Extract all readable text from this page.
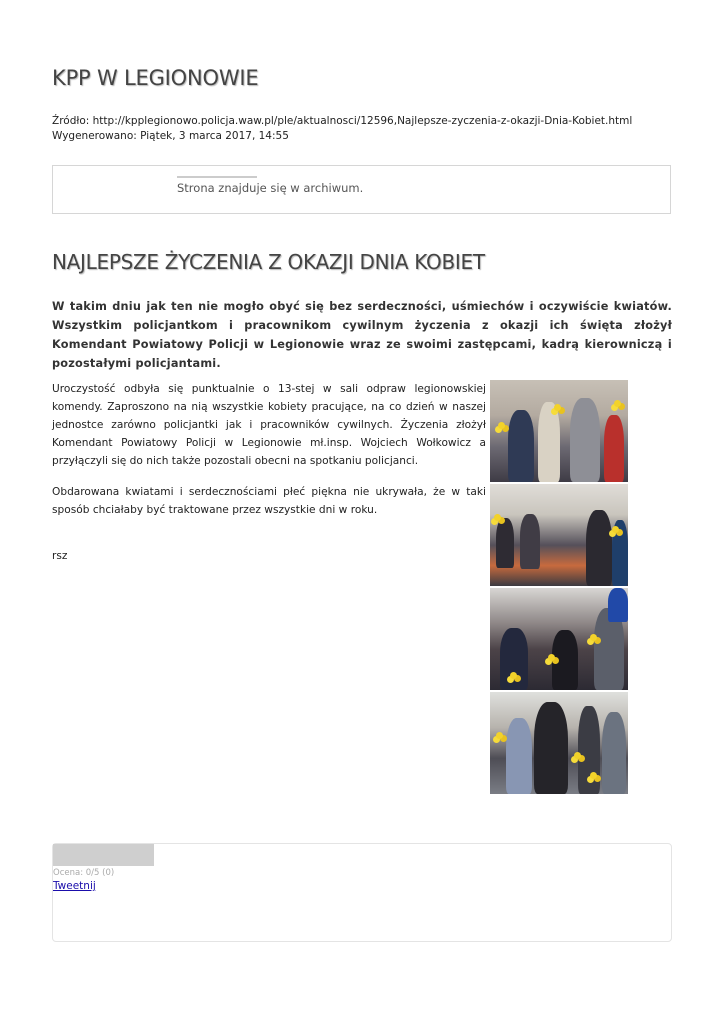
KPP W LEGIONOWIE
Źródło: http://kpplegionowo.policja.waw.pl/ple/aktualnosci/12596,Najlepsze-zyczenia-z-okazji-Dnia-Kobiet.html
Wygenerowano: Piątek, 3 marca 2017, 14:55
Strona znajduje się w archiwum.
NAJLEPSZE ŻYCZENIA Z OKAZJI DNIA KOBIET

W takim dniu jak ten nie mogło obyć się bez serdeczności, uśmiechów i oczywiście kwiatów. Wszystkim policjantkom i pracownikom cywilnym życzenia z okazji ich święta złożył Komendant Powiatowy Policji w Legionowie wraz ze swoimi zastępcami, kadrą kierowniczą i pozostałymi policjantami.

Uroczystość odbyła się punktualnie o 13-stej w sali odpraw legionowskiej komendy. Zaproszono na nią wszystkie kobiety pracujące, na co dzień w naszej jednostce zarówno policjantki jak i pracowników cywilnych. Życzenia złożył Komendant Powiatowy Policji w Legionowie mł.insp. Wojciech Wołkowicz a przyłączyli się do nich także pozostali obecni na spotkaniu policjanci.

Obdarowana kwiatami i serdecznościami płeć piękna nie ukrywała, że w taki sposób chciałaby być traktowane przez wszystkie dni w roku.

rsz
Ocena: 0/5 (0)
Tweetnij
